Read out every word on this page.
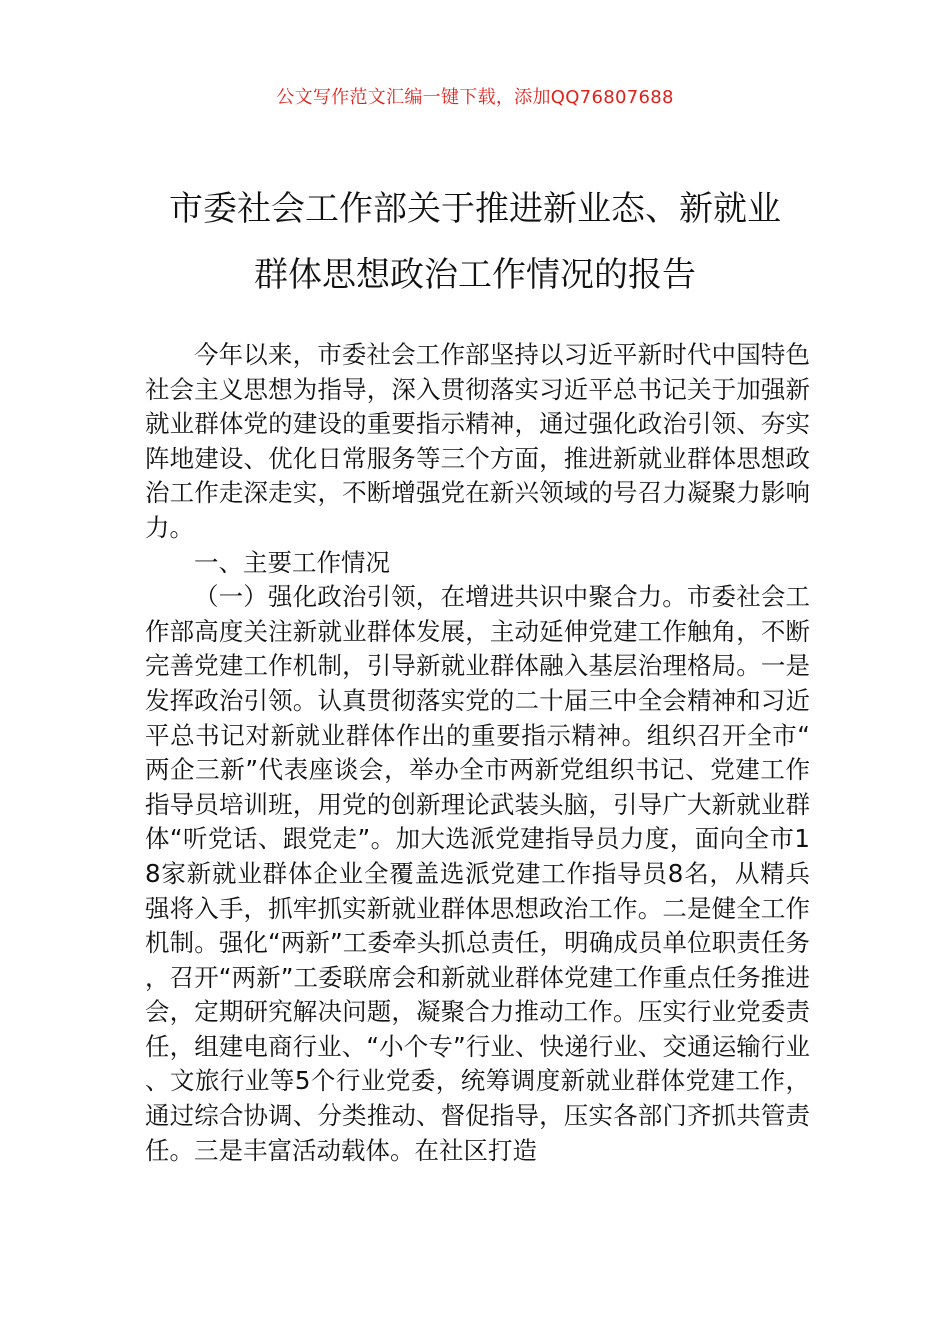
公文写作范文汇编一键下载，添加QQ76807688
市委社会工作部关于推进新业态、新就业
群体思想政治工作情况的报告

今年以来，市委社会工作部坚持以习近平新时代中国特色社会主义思想为指导，深入贯彻落实习近平总书记关于加强新就业群体党的建设的重要指示精神，通过强化政治引领、夯实阵地建设、优化日常服务等三个方面，推进新就业群体思想政治工作走深走实，不断增强党在新兴领域的号召力凝聚力影响力。

一、主要工作情况

（一）强化政治引领，在增进共识中聚合力。市委社会工作部高度关注新就业群体发展，主动延伸党建工作触角，不断完善党建工作机制，引导新就业群体融入基层治理格局。一是发挥政治引领。认真贯彻落实党的二十届三中全会精神和习近平总书记对新就业群体作出的重要指示精神。组织召开全市“两企三新”代表座谈会，举办全市两新党组织书记、党建工作指导员培训班，用党的创新理论武装头脑，引导广大新就业群体“听党话、跟党走”。加大选派党建指导员力度，面向全市18家新就业群体企业全覆盖选派党建工作指导员8名，从精兵强将入手，抓牢抓实新就业群体思想政治工作。二是健全工作机制。强化“两新”工委牵头抓总责任，明确成员单位职责任务，召开“两新”工委联席会和新就业群体党建工作重点任务推进会，定期研究解决问题，凝聚合力推动工作。压实行业党委责任，组建电商行业、“小个专”行业、快递行业、交通运输行业、文旅行业等5个行业党委，统筹调度新就业群体党建工作，通过综合协调、分类推动、督促指导，压实各部门齐抓共管责任。三是丰富活动载体。在社区打造
